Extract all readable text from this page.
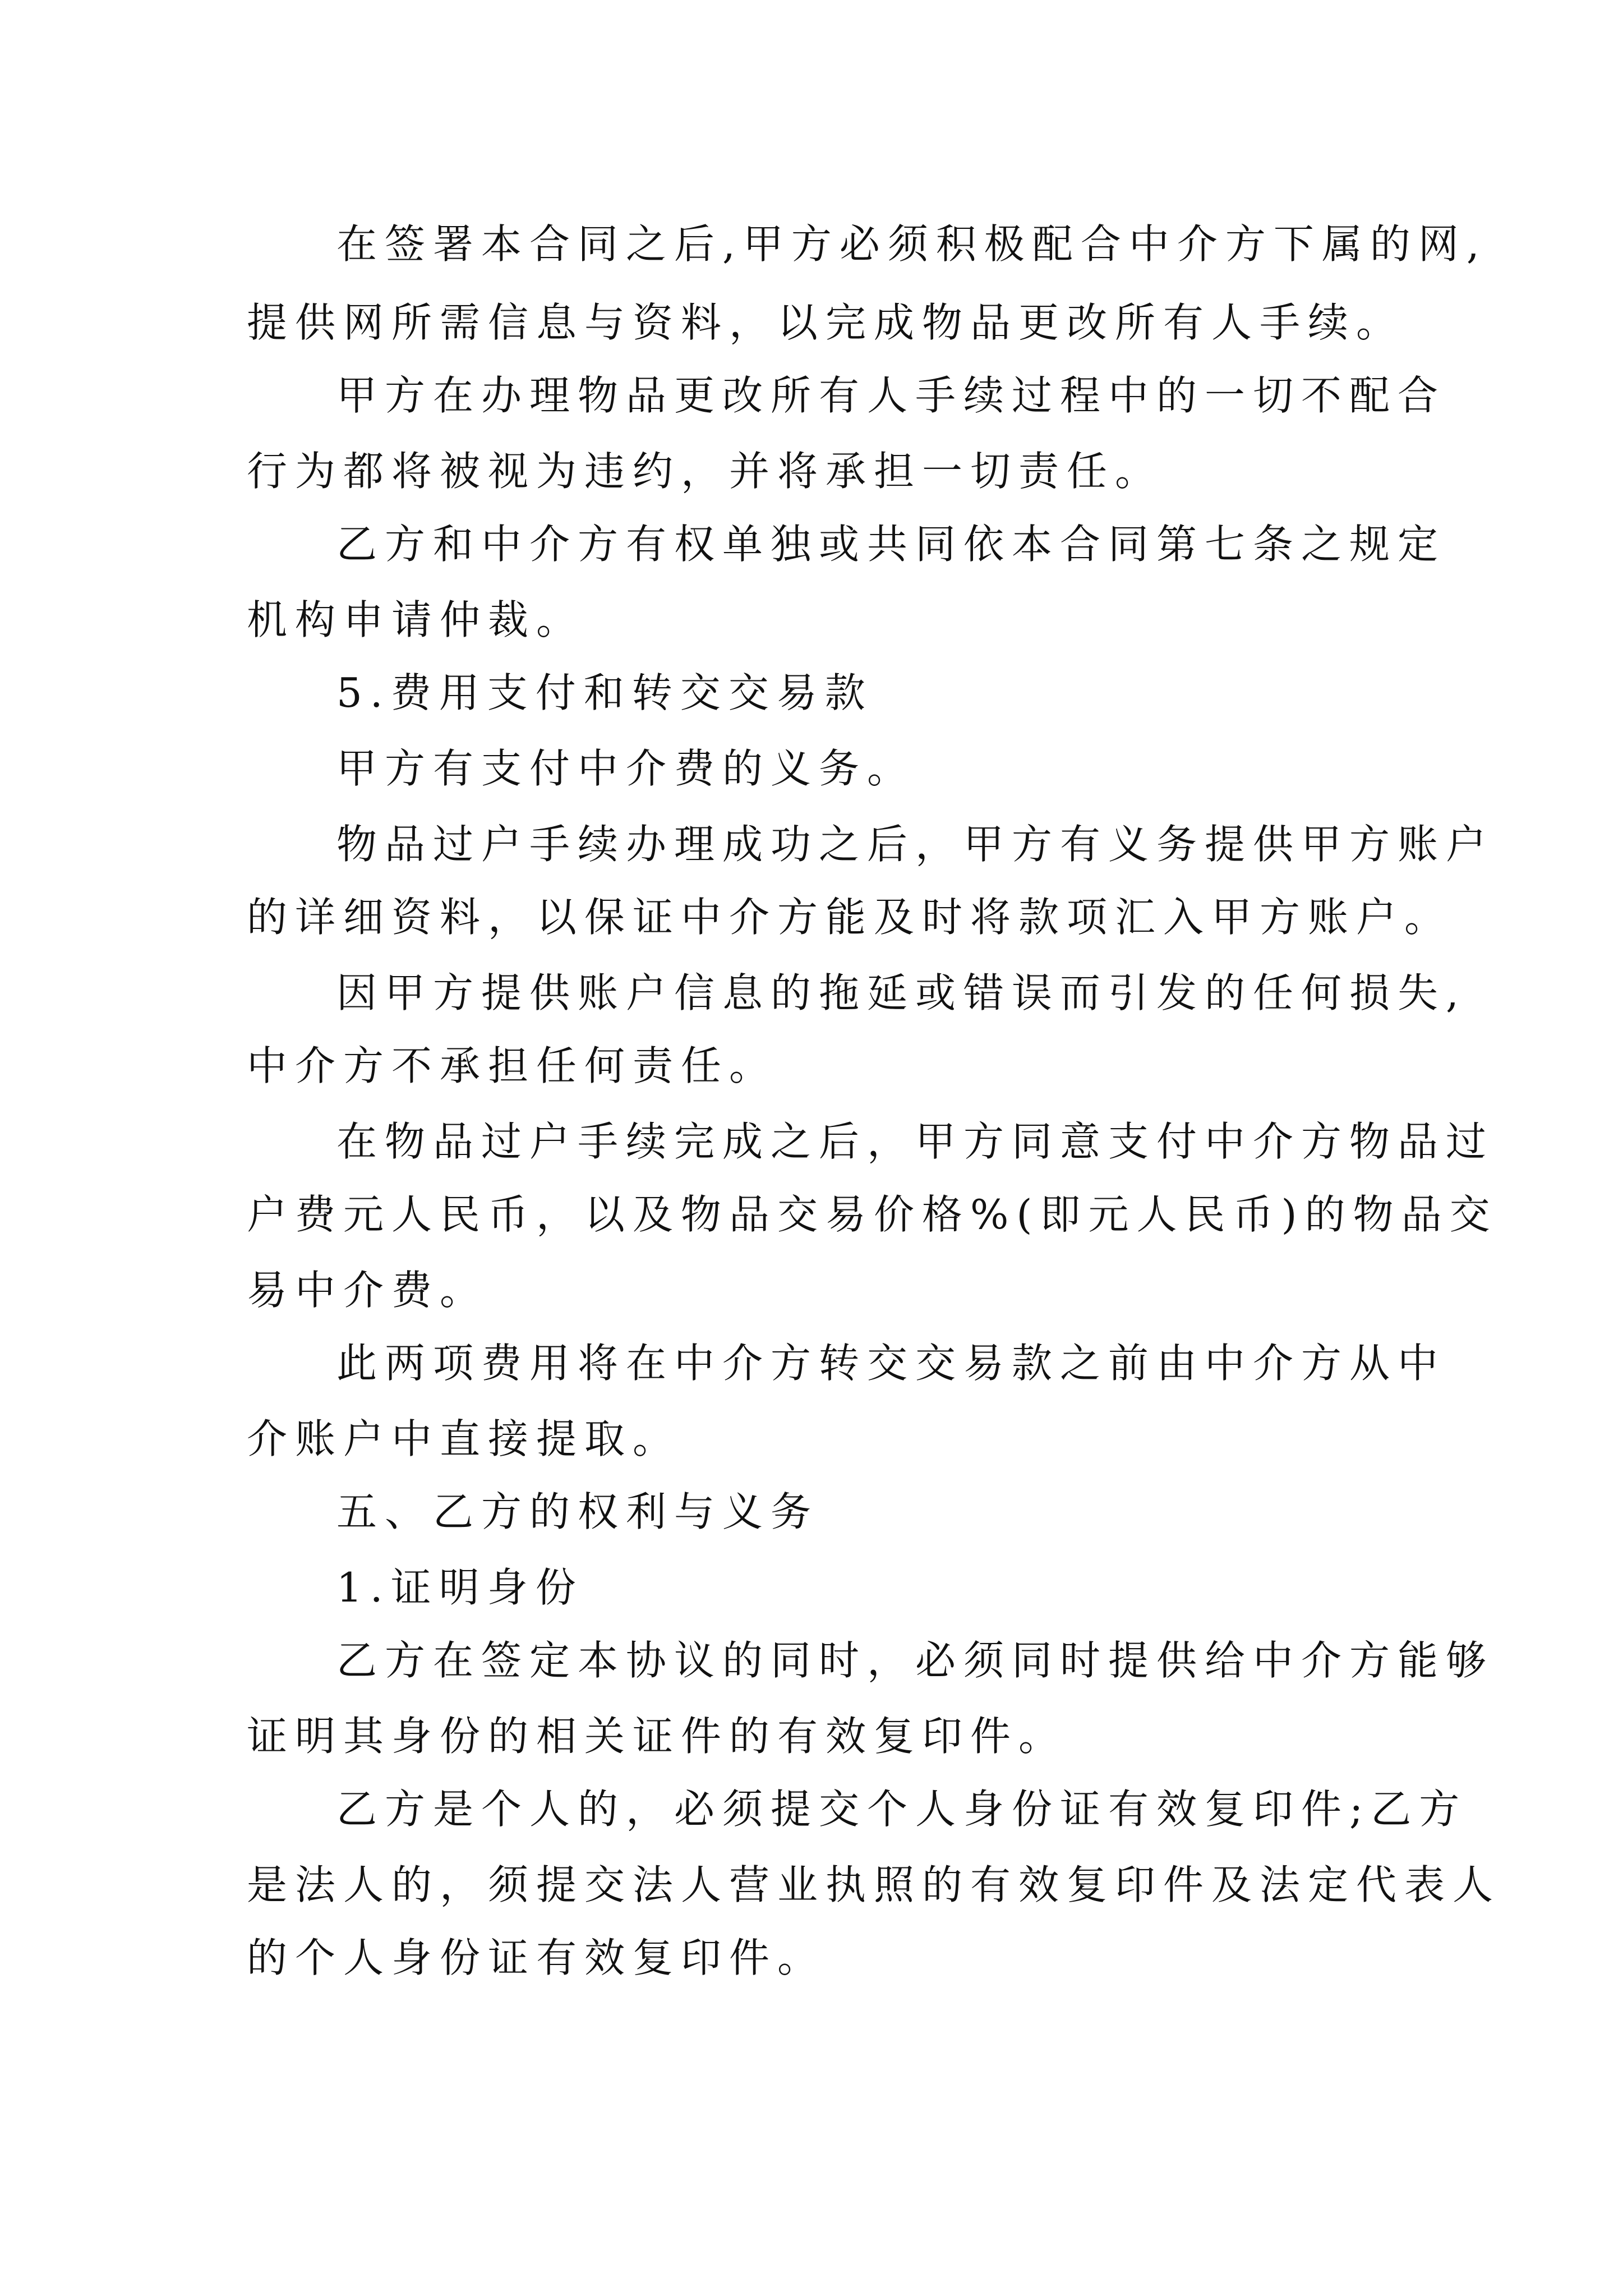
在签署本合同之后,甲方必须积极配合中介方下属的网,
提供网所需信息与资料，以完成物品更改所有人手续。
甲方在办理物品更改所有人手续过程中的一切不配合
行为都将被视为违约，并将承担一切责任。
乙方和中介方有权单独或共同依本合同第七条之规定
机构申请仲裁。
5.费用支付和转交交易款
甲方有支付中介费的义务。
物品过户手续办理成功之后，甲方有义务提供甲方账户
的详细资料，以保证中介方能及时将款项汇入甲方账户。
因甲方提供账户信息的拖延或错误而引发的任何损失,
中介方不承担任何责任。
在物品过户手续完成之后，甲方同意支付中介方物品过
户费元人民币，以及物品交易价格%(即元人民币)的物品交
易中介费。
此两项费用将在中介方转交交易款之前由中介方从中
介账户中直接提取。
五、乙方的权利与义务
1.证明身份
乙方在签定本协议的同时，必须同时提供给中介方能够
证明其身份的相关证件的有效复印件。
乙方是个人的，必须提交个人身份证有效复印件;乙方
是法人的，须提交法人营业执照的有效复印件及法定代表人
的个人身份证有效复印件。
